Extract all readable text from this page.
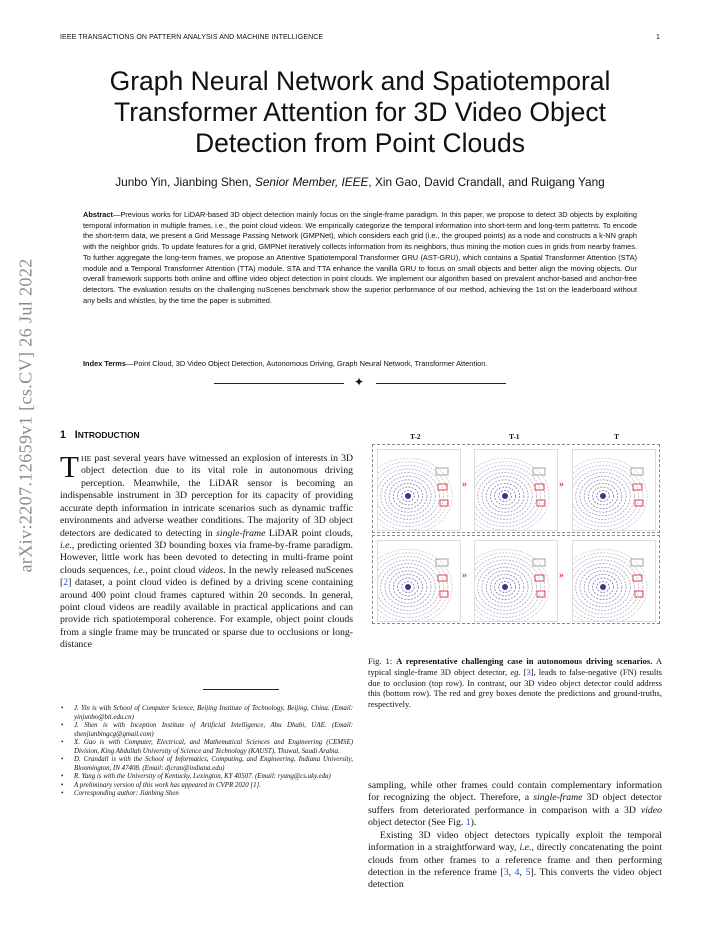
IEEE TRANSACTIONS ON PATTERN ANALYSIS AND MACHINE INTELLIGENCE	1
Graph Neural Network and Spatiotemporal Transformer Attention for 3D Video Object Detection from Point Clouds
Junbo Yin, Jianbing Shen, Senior Member, IEEE, Xin Gao, David Crandall, and Ruigang Yang
Abstract—Previous works for LiDAR-based 3D object detection mainly focus on the single-frame paradigm. In this paper, we propose to detect 3D objects by exploiting temporal information in multiple frames, i.e., the point cloud videos. We empirically categorize the temporal information into short-term and long-term patterns. To encode the short-term data, we present a Grid Message Passing Network (GMPNet), which considers each grid (i.e., the grouped points) as a node and constructs a k-NN graph with the neighbor grids. To update features for a grid, GMPNet iteratively collects information from its neighbors, thus mining the motion cues in grids from nearby frames. To further aggregate the long-term frames, we propose an Attentive Spatiotemporal Transformer GRU (AST-GRU), which contains a Spatial Transformer Attention (STA) module and a Temporal Transformer Attention (TTA) module. STA and TTA enhance the vanilla GRU to focus on small objects and better align the moving objects. Our overall framework supports both online and offline video object detection in point clouds. We implement our algorithm based on prevalent anchor-based and anchor-free detectors. The evaluation results on the challenging nuScenes benchmark show the superior performance of our method, achieving the 1st on the leaderboard without any bells and whistles, by the time the paper is submitted.
Index Terms—Point Cloud, 3D Video Object Detection, Autonomous Driving, Graph Neural Network, Transformer Attention.
✦
arXiv:2207.12659v1 [cs.CV] 26 Jul 2022 1 INTRODUCTION
THE past several years have witnessed an explosion of interests in 3D object detection due to its vital role in autonomous driving perception. Meanwhile, the LiDAR sensor is becoming an indispensable instrument in 3D perception for its capacity of providing accurate depth information in intricate scenarios such as dynamic traffic environments and adverse weather conditions. The majority of 3D object detectors are dedicated to detecting in single-frame LiDAR point clouds, i.e., predicting oriented 3D bounding boxes via frame-by-frame paradigm. However, little work has been devoted to detecting in multi-frame point clouds sequences, i.e., point cloud videos. In the newly released nuScenes [2] dataset, a point cloud video is defined by a driving scene containing around 400 point cloud frames captured within 20 seconds. In general, point cloud videos are readily available in practical applications and can provide rich spatiotemporal coherence. For example, object point clouds from a single frame may be truncated or sparse due to occlusions or long-distance
• J. Yin is with School of Computer Science, Beijing Institute of Technology, Beijing, China. (Email: yinjunbo@bit.edu.cn)
• J. Shen is with Inception Institute of Artificial Intelligence, Abu Dhabi, UAE. (Email: shenjianbingcg@gmail.com)
• X. Gao is with Computer, Electrical, and Mathematical Sciences and Engineering (CEMSE) Division, King Abdullah University of Science and Technology (KAUST), Thuwal, Saudi Arabia.
• D. Crandall is with the School of Informatics, Computing, and Engineering, Indiana University, Bloomington, IN 47408. (Email: djcran@indiana.edu)
• R. Yang is with the University of Kentucky, Lexington, KY 40507. (Email: ryang@cs.uky.edu)
• A preliminary version of this work has appeared in CVPR 2020 [1].
• Corresponding author: Jianbing Shen
T-2	T-1	T
»	»
»	»
Fig. 1: A representative challenging case in autonomous driving scenarios. A typical single-frame 3D object detector, eg. [3], leads to false-negative (FN) results due to occlusion (top row). In contrast, our 3D video object detector could address this (bottom row). The red and grey boxes denote the predictions and ground-truths, respectively.
sampling, while other frames could contain complementary information for recognizing the object. Therefore, a single-frame 3D object detector suffers from deteriorated performance in comparison with a 3D video object detector (See Fig. 1).
Existing 3D video object detectors typically exploit the temporal information in a straightforward way, i.e., directly concatenating the point clouds from other frames to a reference frame and then performing detection in the reference frame [3, 4, 5]. This converts the video object detection
